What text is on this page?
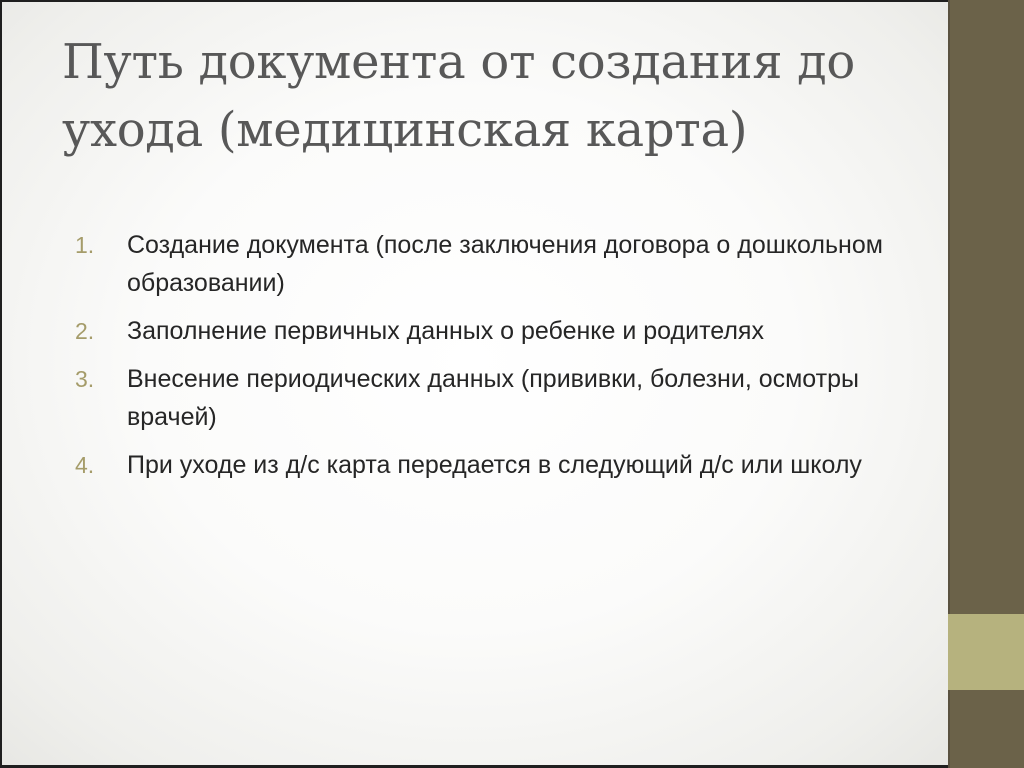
Путь документа от создания до ухода (медицинская карта)
1. Создание документа (после заключения договора о дошкольном образовании)
2. Заполнение первичных данных о ребенке и родителях
3. Внесение периодических данных (прививки, болезни, осмотры врачей)
4. При уходе из д/с карта передается в следующий д/с или школу
